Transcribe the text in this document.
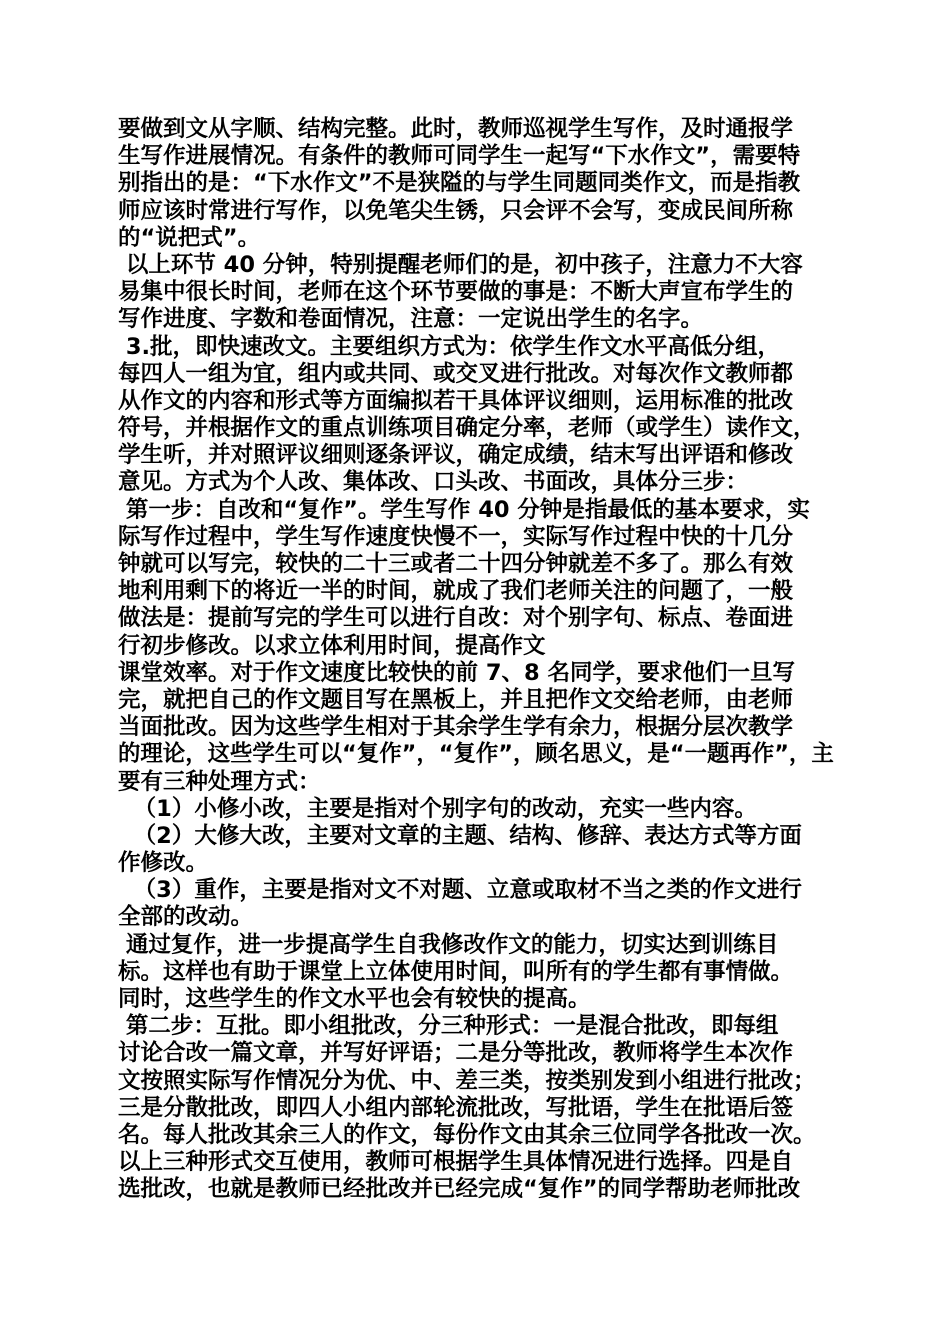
要做到文从字顺、结构完整。此时，教师巡视学生写作，及时通报学
生写作进展情况。有条件的教师可同学生一起写“下水作文”，需要特
别指出的是：“下水作文”不是狭隘的与学生同题同类作文，而是指教
师应该时常进行写作，以免笔尖生锈，只会评不会写，变成民间所称
的“说把式”。
以上环节 40 分钟，特别提醒老师们的是，初中孩子，注意力不大容
易集中很长时间，老师在这个环节要做的事是：不断大声宣布学生的
写作进度、字数和卷面情况，注意：一定说出学生的名字。
3.批，即快速改文。主要组织方式为：依学生作文水平高低分组，
每四人一组为宜，组内或共同、或交叉进行批改。对每次作文教师都
从作文的内容和形式等方面编拟若干具体评议细则，运用标准的批改
符号，并根据作文的重点训练项目确定分率，老师（或学生）读作文，
学生听，并对照评议细则逐条评议，确定成绩，结末写出评语和修改
意见。方式为个人改、集体改、口头改、书面改，具体分三步：
第一步：自改和“复作”。学生写作 40 分钟是指最低的基本要求，实
际写作过程中，学生写作速度快慢不一，实际写作过程中快的十几分
钟就可以写完，较快的二十三或者二十四分钟就差不多了。那么有效
地利用剩下的将近一半的时间，就成了我们老师关注的问题了，一般
做法是：提前写完的学生可以进行自改：对个别字句、标点、卷面进
行初步修改。以求立体利用时间，提高作文
课堂效率。对于作文速度比较快的前 7、8 名同学，要求他们一旦写
完，就把自己的作文题目写在黑板上，并且把作文交给老师，由老师
当面批改。因为这些学生相对于其余学生学有余力，根据分层次教学
的理论，这些学生可以“复作”，“复作”，顾名思义，是“一题再作”，主
要有三种处理方式：
（1）小修小改，主要是指对个别字句的改动，充实一些内容。
（2）大修大改，主要对文章的主题、结构、修辞、表达方式等方面
作修改。
（3）重作，主要是指对文不对题、立意或取材不当之类的作文进行
全部的改动。
通过复作，进一步提高学生自我修改作文的能力，切实达到训练目
标。这样也有助于课堂上立体使用时间，叫所有的学生都有事情做。
同时，这些学生的作文水平也会有较快的提高。
第二步：互批。即小组批改，分三种形式：一是混合批改，即每组
讨论合改一篇文章，并写好评语；二是分等批改，教师将学生本次作
文按照实际写作情况分为优、中、差三类，按类别发到小组进行批改；
三是分散批改，即四人小组内部轮流批改，写批语，学生在批语后签
名。每人批改其余三人的作文，每份作文由其余三位同学各批改一次。
以上三种形式交互使用，教师可根据学生具体情况进行选择。四是自
选批改，也就是教师已经批改并已经完成“复作”的同学帮助老师批改
